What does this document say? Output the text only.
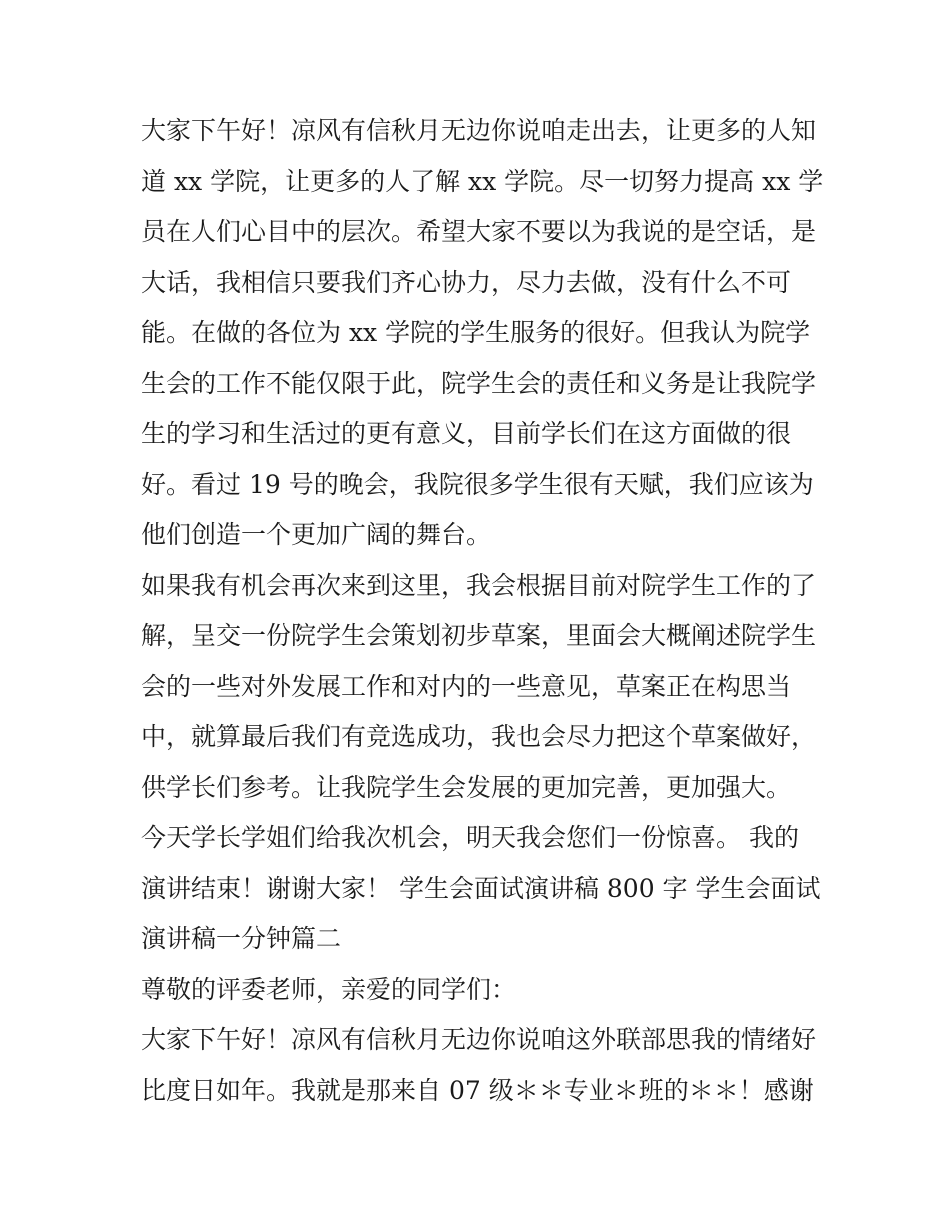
大家下午好！凉风有信秋月无边你说咱走出去，让更多的人知
道 xx 学院，让更多的人了解 xx 学院。尽一切努力提高 xx 学
员在人们心目中的层次。希望大家不要以为我说的是空话，是
大话，我相信只要我们齐心协力，尽力去做，没有什么不可
能。在做的各位为 xx 学院的学生服务的很好。但我认为院学
生会的工作不能仅限于此，院学生会的责任和义务是让我院学
生的学习和生活过的更有意义，目前学长们在这方面做的很
好。看过 19 号的晚会，我院很多学生很有天赋，我们应该为
他们创造一个更加广阔的舞台。
如果我有机会再次来到这里，我会根据目前对院学生工作的了
解，呈交一份院学生会策划初步草案，里面会大概阐述院学生
会的一些对外发展工作和对内的一些意见，草案正在构思当
中，就算最后我们有竞选成功，我也会尽力把这个草案做好，
供学长们参考。让我院学生会发展的更加完善，更加强大。
今天学长学姐们给我次机会，明天我会您们一份惊喜。 我的
演讲结束！谢谢大家！ 学生会面试演讲稿 800 字 学生会面试
演讲稿一分钟篇二
尊敬的评委老师，亲爱的同学们：
大家下午好！凉风有信秋月无边你说咱这外联部思我的情绪好
比度日如年。我就是那来自 07 级＊＊专业＊班的＊＊！感谢
